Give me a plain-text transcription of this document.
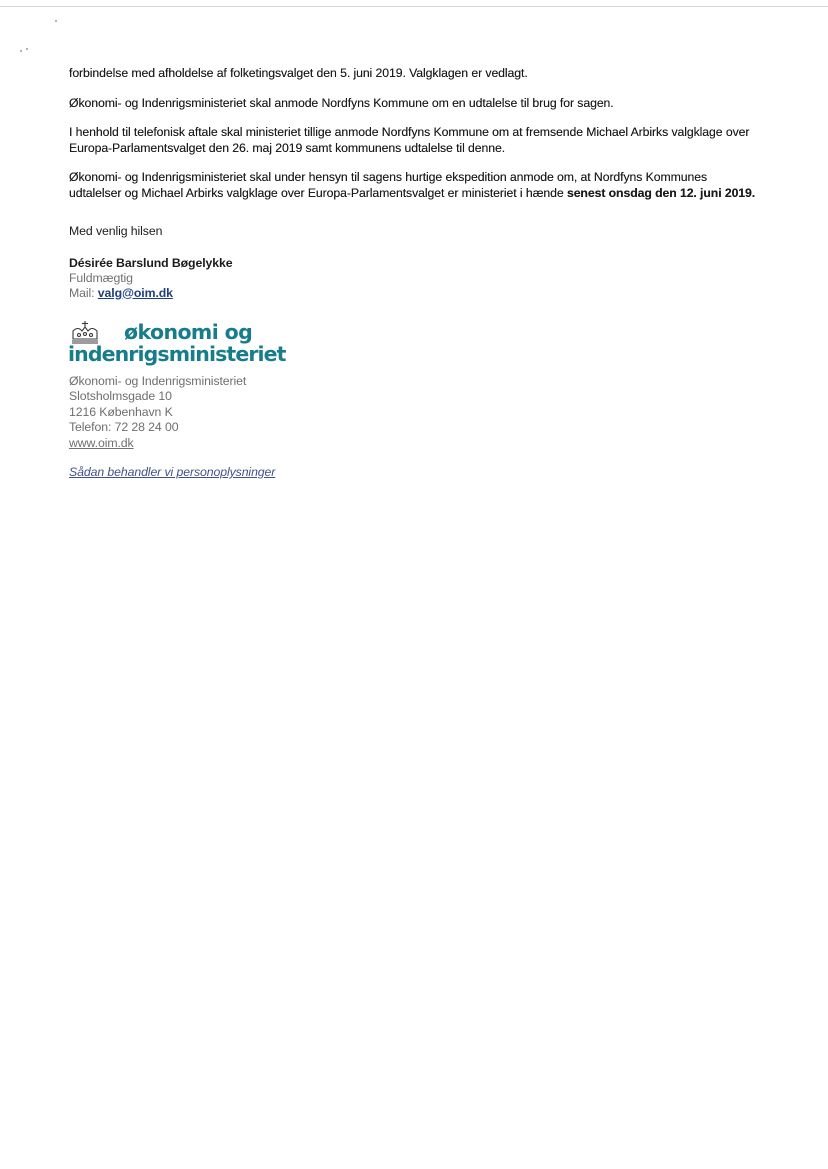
forbindelse med afholdelse af folketingsvalget den 5. juni 2019. Valgklagen er vedlagt.

Økonomi- og Indenrigsministeriet skal anmode Nordfyns Kommune om en udtalelse til brug for sagen.

I henhold til telefonisk aftale skal ministeriet tillige anmode Nordfyns Kommune om at fremsende Michael Arbirks valgklage over Europa-Parlamentsvalget den 26. maj 2019 samt kommunens udtalelse til denne.

Økonomi- og Indenrigsministeriet skal under hensyn til sagens hurtige ekspedition anmode om, at Nordfyns Kommunes udtalelser og Michael Arbirks valgklage over Europa-Parlamentsvalget er ministeriet i hænde senest onsdag den 12. juni 2019.

Med venlig hilsen
Désirée Barslund Bøgelykke
Fuldmægtig
Mail: valg@oim.dk
økonomi og
indenrigsministeriet
Økonomi- og Indenrigsministeriet
Slotsholmsgade 10
1216 København K
Telefon: 72 28 24 00
www.oim.dk
Sådan behandler vi personoplysninger
